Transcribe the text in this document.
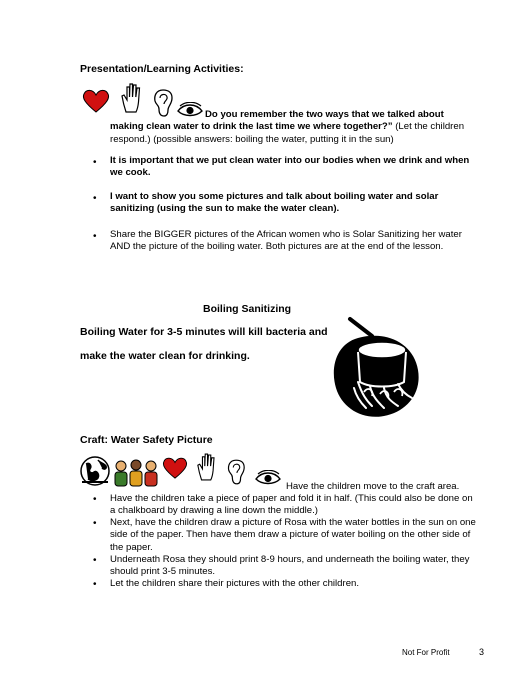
Presentation/Learning Activities:
Do you remember the two ways that we talked about making clean water to drink the last time we where together?” (Let the children respond.) (possible answers: boiling the water, putting it in the sun)
• It is important that we put clean water into our bodies when we drink and when we cook.
• I want to show you some pictures and talk about boiling water and solar sanitizing (using the sun to make the water clean).
• Share the BIGGER pictures of the African women who is Solar Sanitizing her water AND the picture of the boiling water. Both pictures are at the end of the lesson.
Boiling Sanitizing
Boiling Water for 3-5 minutes will kill bacteria and
make the water clean for drinking.
Craft: Water Safety Picture
Have the children move to the craft area.
• Have the children take a piece of paper and fold it in half. (This could also be done on a chalkboard by drawing a line down the middle.)
• Next, have the children draw a picture of Rosa with the water bottles in the sun on one side of the paper. Then have them draw a picture of water boiling on the other side of the paper.
• Underneath Rosa they should print 8-9 hours, and underneath the boiling water, they should print 3-5 minutes.
• Let the children share their pictures with the other children.
Not For Profit	3
